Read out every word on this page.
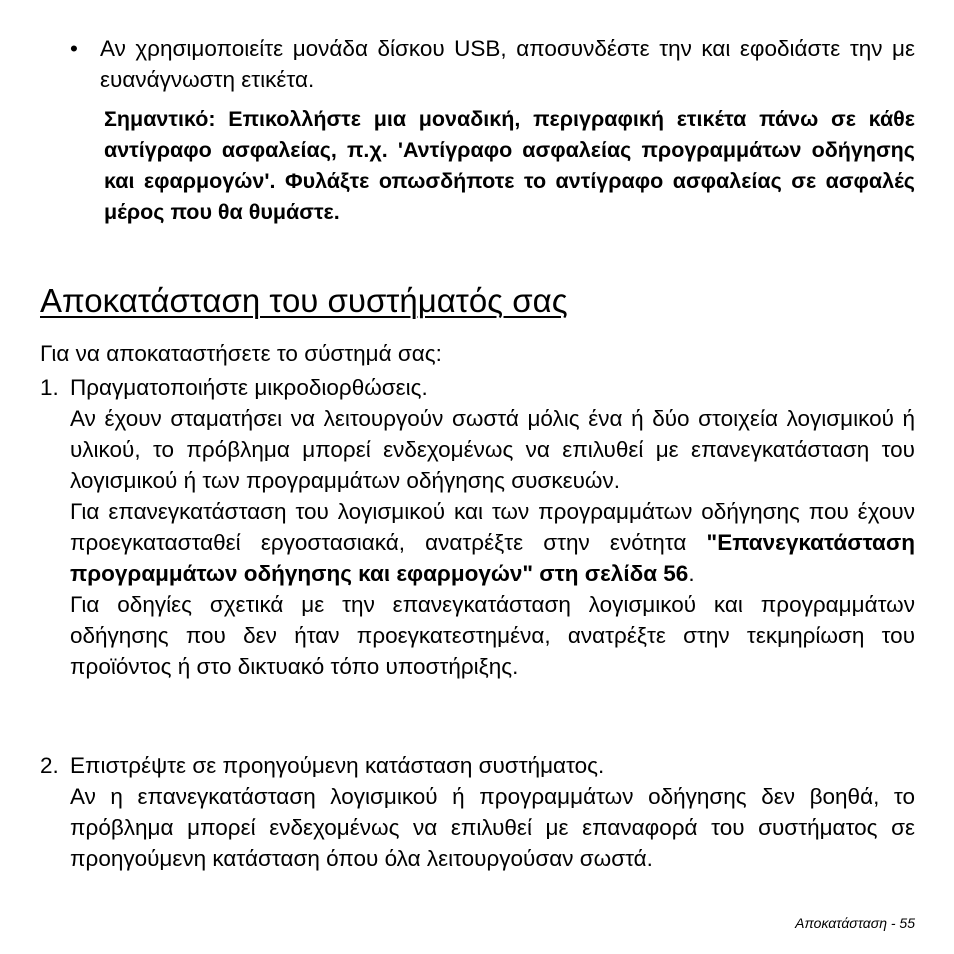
• Αν χρησιμοποιείτε μονάδα δίσκου USB, αποσυνδέστε την και εφοδιάστε την με ευανάγνωστη ετικέτα.
Σημαντικό: Επικολλήστε μια μοναδική, περιγραφική ετικέτα πάνω σε κάθε αντίγραφο ασφαλείας, π.χ. 'Αντίγραφο ασφαλείας προγραμμάτων οδήγησης και εφαρμογών'. Φυλάξτε οπωσδήποτε το αντίγραφο ασφαλείας σε ασφαλές μέρος που θα θυμάστε.
Αποκατάσταση του συστήματός σας
Για να αποκαταστήσετε το σύστημά σας:
1. Πραγματοποιήστε μικροδιορθώσεις.

Αν έχουν σταματήσει να λειτουργούν σωστά μόλις ένα ή δύο στοιχεία λογισμικού ή υλικού, το πρόβλημα μπορεί ενδεχομένως να επιλυθεί με επανεγκατάσταση του λογισμικού ή των προγραμμάτων οδήγησης συσκευών.

Για επανεγκατάσταση του λογισμικού και των προγραμμάτων οδήγησης που έχουν προεγκατασταθεί εργοστασιακά, ανατρέξτε στην ενότητα "Επανεγκατάσταση προγραμμάτων οδήγησης και εφαρμογών" στη σελίδα 56.

Για οδηγίες σχετικά με την επανεγκατάσταση λογισμικού και προγραμμάτων οδήγησης που δεν ήταν προεγκατεστημένα, ανατρέξτε στην τεκμηρίωση του προϊόντος ή στο δικτυακό τόπο υποστήριξης.

2. Επιστρέψτε σε προηγούμενη κατάσταση συστήματος.

Αν η επανεγκατάσταση λογισμικού ή προγραμμάτων οδήγησης δεν βοηθά, το πρόβλημα μπορεί ενδεχομένως να επιλυθεί με επαναφορά του συστήματος σε προηγούμενη κατάσταση όπου όλα λειτουργούσαν σωστά.

Αποκατάσταση - 55
